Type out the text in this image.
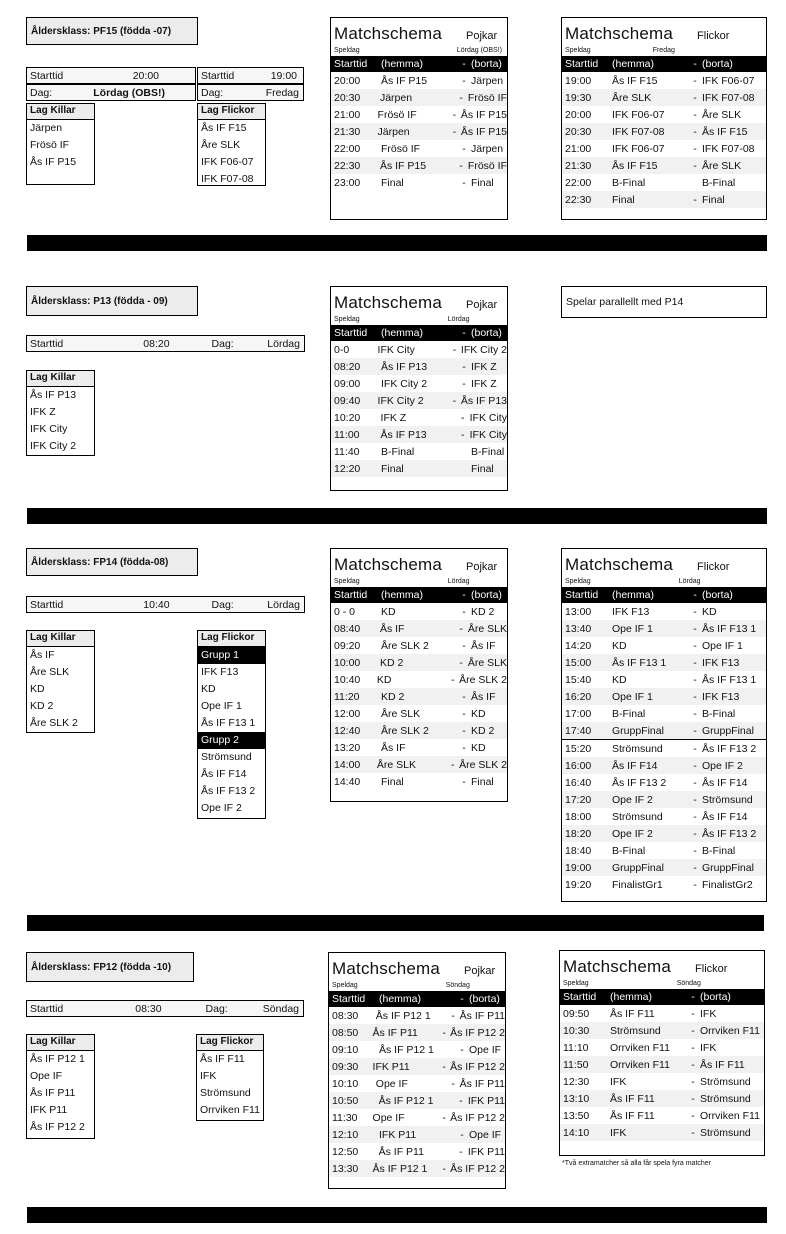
Åldersklass:
PF15 (födda -07)
Starttid	20:00
Dag:	Lördag (OBS!)
Starttid	19:00
Dag:	Fredag
Lag Killar
Järpen
Frösö IF
Ås IF P15
Lag Flickor
Ås IF F15
Åre SLK
IFK F06-07
IFK F07-08
Matchschema Pojkar
Speldag	Lördag (OBS!)
Starttid	(hemma)	- (borta)
20:00	Ås IF P15	- Järpen
20:30	Järpen	- Frösö IF
21:00	Frösö IF	- Ås IF P15
21:30	Järpen	- Ås IF P15
22:00	Frösö IF	- Järpen
22:30	Ås IF P15	- Frösö IF
23:00	Final	- Final
Matchschema Flickor
Speldag	Fredag
Starttid	(hemma)	- (borta)
19:00	Ås IF F15	- IFK F06-07
19:30	Åre SLK	- IFK F07-08
20:00	IFK F06-07	- Åre SLK
20:30	IFK F07-08	- Ås IF F15
21:00	IFK F06-07	- IFK F07-08
21:30	Ås IF F15	- Åre SLK
22:00	B-Final	B-Final
22:30	Final	- Final
Åldersklass:
P13 (födda - 09)
Starttid	08:20	Dag:	Lördag
Lag Killar
Ås IF P13
IFK Z
IFK City
IFK City 2
Matchschema Pojkar
Speldag	Lördag
Starttid	(hemma)	- (borta)
0-0	IFK City	- IFK City 2
08:20	Ås IF P13	- IFK Z
09:00	IFK City 2	- IFK Z
09:40	IFK City 2	- Ås IF P13
10:20	IFK Z	- IFK City
11:00	Ås IF P13	- IFK City
11:40	B-Final	B-Final
12:20	Final	Final
Spelar parallellt med P14
Åldersklass:
FP14 (födda-08)
Starttid	10:40	Dag:	Lördag
Lag Killar
Ås IF
Åre SLK
KD
KD 2
Åre SLK 2
Lag Flickor
Grupp 1
IFK F13
KD
Ope IF 1
Ås IF F13 1
Grupp 2
Strömsund
Ås IF F14
Ås IF F13 2
Ope IF 2
Matchschema Pojkar
Speldag	Lördag
Starttid	(hemma)	- (borta)
0 - 0	KD	- KD 2
08:40	Ås IF	- Åre SLK
09:20	Åre SLK 2	- Ås IF
10:00	KD 2	- Åre SLK
10:40	KD	- Åre SLK 2
11:20	KD 2	- Ås IF
12:00	Åre SLK	- KD
12:40	Åre SLK 2	- KD 2
13:20	Ås IF	- KD
14:00	Åre SLK	- Åre SLK 2
14:40	Final	- Final
Matchschema Flickor
Speldag	Lördag
Starttid	(hemma)	- (borta)
13:00	IFK F13	- KD
13:40	Ope IF 1	- Ås IF F13 1
14:20	KD	- Ope IF 1
15:00	Ås IF F13 1	- IFK F13
15:40	KD	- Ås IF F13 1
16:20	Ope IF 1	- IFK F13
17:00	B-Final	- B-Final
17:40	GruppFinal	- GruppFinal
15:20	Strömsund	- Ås IF F13 2
16:00	Ås IF F14	- Ope IF 2
16:40	Ås IF F13 2	- Ås IF F14
17:20	Ope IF 2	- Strömsund
18:00	Strömsund	- Ås IF F14
18:20	Ope IF 2	- Ås IF F13 2
18:40	B-Final	- B-Final
19:00	GruppFinal	- GruppFinal
19:20	FinalistGr1	- FinalistGr2
Åldersklass:
FP12 (födda -10)
Starttid	08:30	Dag:	Söndag
Lag Killar
Ås IF P12 1
Ope IF
Ås IF P11
IFK P11
Ås IF P12 2
Lag Flickor
Ås IF F11
IFK
Strömsund
Orrviken F11
Matchschema Pojkar
Speldag	Söndag
Starttid	(hemma)	- (borta)
08:30	Ås IF P12 1	- Ås IF P11
08:50	Ås IF P11	- Ås IF P12 2
09:10	Ås IF P12 1	- Ope IF
09:30	IFK P11	- Ås IF P12 2
10:10	Ope IF	- Ås IF P11
10:50	Ås IF P12 1	- IFK P11
11:30	Ope IF	- Ås IF P12 2
12:10	IFK P11	- Ope IF
12:50	Ås IF P11	- IFK P11
13:30	Ås IF P12 1	- Ås IF P12 2
Matchschema Flickor
Speldag	Söndag
Starttid	(hemma)	- (borta)
09:50	Ås IF F11	- IFK
10:30	Strömsund	- Orrviken F11
11:10	Orrviken F11	- IFK
11:50	Orrviken F11	- Ås IF F11
12:30	IFK	- Strömsund
13:10	Ås IF F11	- Strömsund
13:50	Ås IF F11	- Orrviken F11
14:10	IFK	- Strömsund
*Två extramatcher så alla får spela fyra matcher
